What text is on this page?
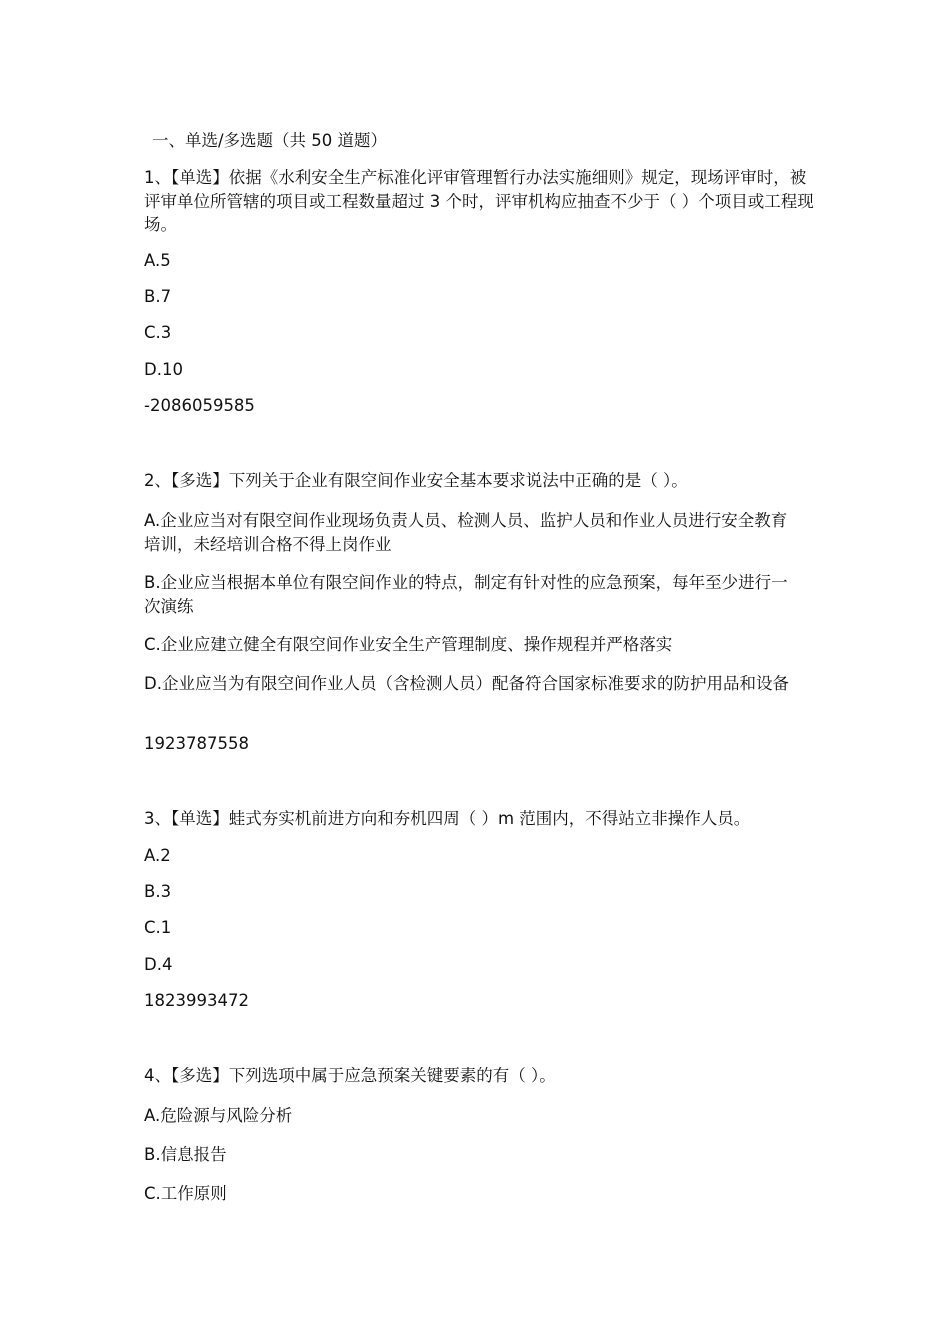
一、单选/多选题（共 50 道题）
1、【单选】依据《水利安全生产标准化评审管理暂行办法实施细则》规定，现场评审时，被评审单位所管辖的项目或工程数量超过 3 个时，评审机构应抽查不少于（ ）个项目或工程现场。
A.5
B.7
C.3
D.10
-2086059585
2、【多选】下列关于企业有限空间作业安全基本要求说法中正确的是（ ）。
A.企业应当对有限空间作业现场负责人员、检测人员、监护人员和作业人员进行安全教育培训，未经培训合格不得上岗作业
B.企业应当根据本单位有限空间作业的特点，制定有针对性的应急预案，每年至少进行一次演练
C.企业应建立健全有限空间作业安全生产管理制度、操作规程并严格落实
D.企业应当为有限空间作业人员（含检测人员）配备符合国家标准要求的防护用品和设备
1923787558
3、【单选】蛙式夯实机前进方向和夯机四周（ ）m 范围内，不得站立非操作人员。
A.2
B.3
C.1
D.4
1823993472
4、【多选】下列选项中属于应急预案关键要素的有（ ）。
A.危险源与风险分析
B.信息报告
C.工作原则
